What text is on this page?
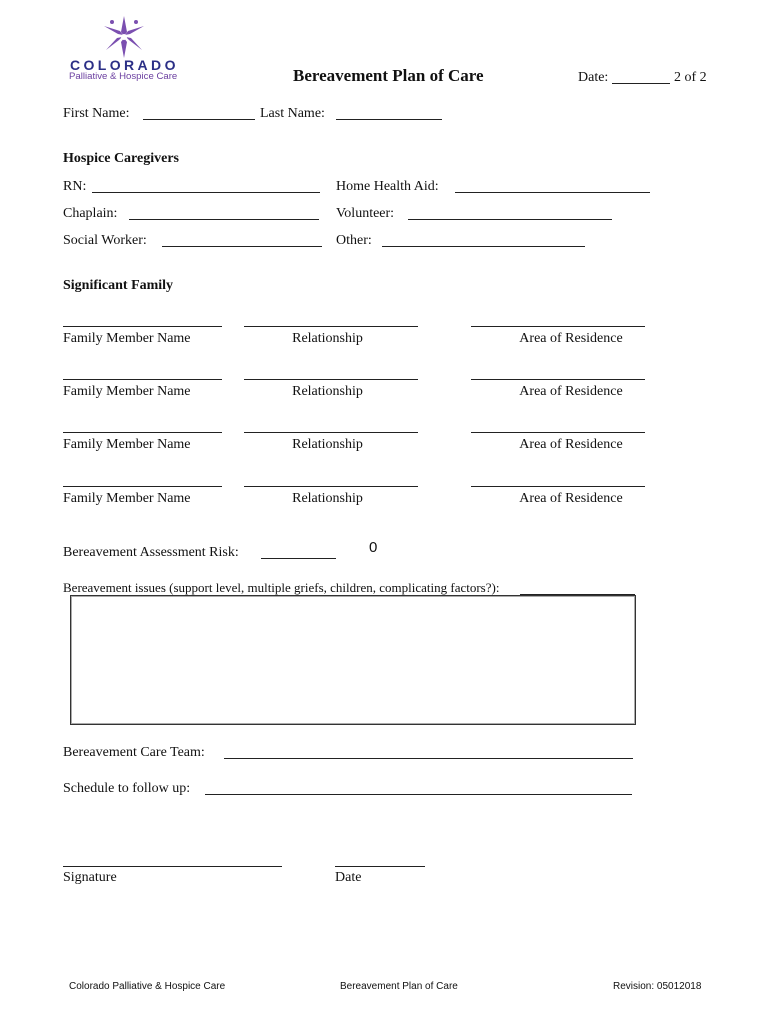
COLORADO
Palliative & Hospice Care	Bereavement Plan of Care	Date:	2 of 2
First Name:	Last Name:
Hospice Caregivers
RN:	Home Health Aid:
Chaplain:	Volunteer:
Social Worker:	Other:
Significant Family
Family Member Name	Relationship	Area of Residence
Family Member Name	Relationship	Area of Residence
Family Member Name	Relationship	Area of Residence
Family Member Name	Relationship	Area of Residence
Bereavement Assessment Risk:	0
Bereavement issues (support level, multiple griefs, children, complicating factors?):
Bereavement Care Team:
Schedule to follow up:
Signature	Date
Colorado Palliative & Hospice Care	Bereavement Plan of Care	Revision: 05012018
